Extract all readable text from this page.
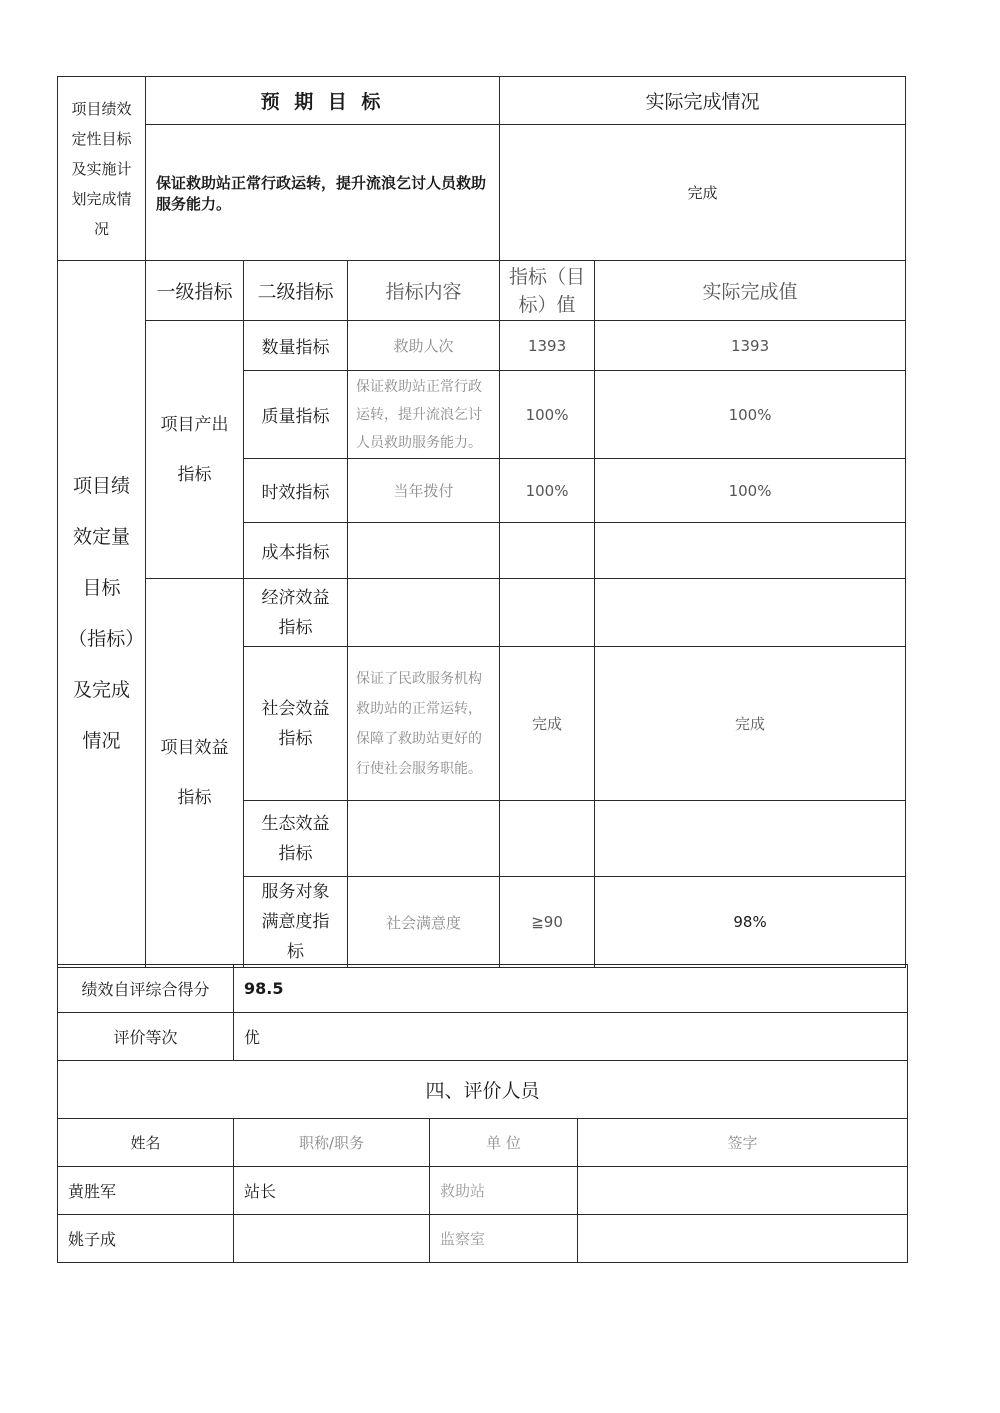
项目绩效定性目标及实施计划完成情况	预 期 目 标			实际完成情况	
	保证救助站正常行政运转，提升流浪乞讨人员救助服务能力。			完成	
项目绩效定量目标（指标）及完成情况	一级指标	二级指标	指标内容	指标（目标）值	实际完成值
	项目产出指标	数量指标	救助人次	1393	1393
		质量指标	保证救助站正常行政运转，提升流浪乞讨人员救助服务能力。	100%	100%
		时效指标	当年拨付	100%	100%
		成本指标			
	项目效益指标	经济效益指标			
		社会效益指标	保证了民政服务机构救助站的正常运转，保障了救助站更好的行使社会服务职能。	完成	完成
		生态效益指标			
		服务对象满意度指标	社会满意度	≧90	98%
绩效自评综合得分	98.5		
评价等次	优		
四、评价人员			
姓名	职称/职务	单 位	签字
黄胜军	站长	救助站	
姚子成		监察室	
